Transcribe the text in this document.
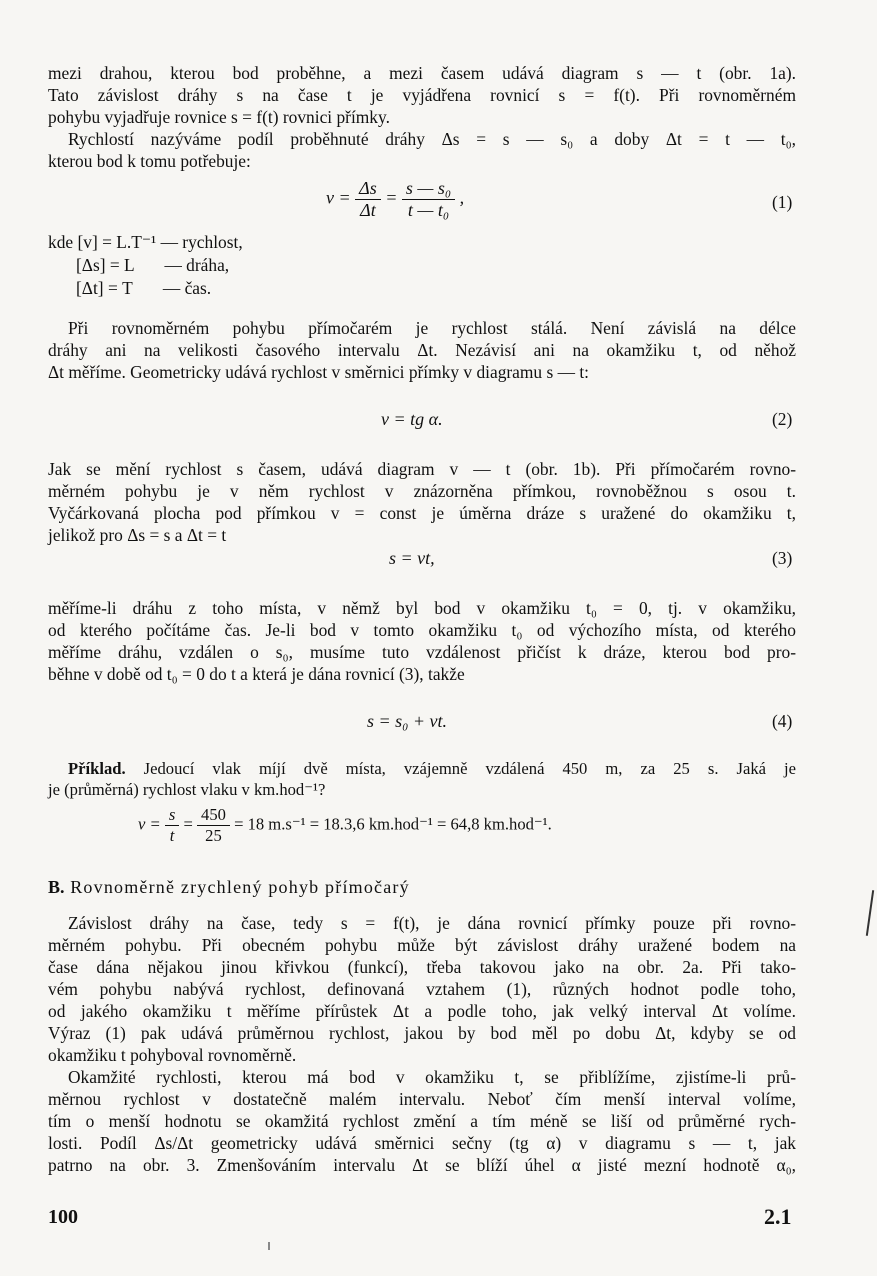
mezi drahou, kterou bod proběhne, a mezi časem udává diagram s — t (obr. 1a).
Tato závislost dráhy s na čase t je vyjádřena rovnicí s = f(t). Při rovnoměrném
pohybu vyjadřuje rovnice s = f(t) rovnici přímky.
Rychlostí nazýváme podíl proběhnuté dráhy Δs = s — s₀ a doby Δt = t — t₀,
kterou bod k tomu potřebuje:
$v = \frac{\Delta s}{\Delta t} = \frac{\text{s — s₀}}{\text{t — t₀}}$ ,	(1)
kde [v] = L.T⁻¹ — rychlost,
[Δs] = L       — dráha,
[Δt] = T       — čas.
Při rovnoměrném pohybu přímočarém je rychlost stálá. Není závislá na délce
dráhy ani na velikosti časového intervalu Δt. Nezávisí ani na okamžiku t, od něhož
Δt měříme. Geometricky udává rychlost v směrnici přímky v diagramu s — t:
v = tg α.	(2)
Jak se mění rychlost s časem, udává diagram v — t (obr. 1b). Při přímočarém rovno-
měrném pohybu je v něm rychlost v znázorněna přímkou, rovnoběžnou s osou t.
Vyčárkovaná plocha pod přímkou v = const je úměrna dráze s uražené do okamžiku t,
jelikož pro Δs = s a Δt = t
s = vt,	(3)
měříme-li dráhu z toho místa, v němž byl bod v okamžiku t₀ = 0, tj. v okamžiku,
od kterého počítáme čas. Je-li bod v tomto okamžiku t₀ od výchozího místa, od kterého
měříme dráhu, vzdálen o s₀, musíme tuto vzdálenost přičíst k dráze, kterou bod pro-
běhne v době od t₀ = 0 do t a která je dána rovnicí (3), takže
s = s₀ + vt.	(4)
Příklad. Jedoucí vlak míjí dvě místa, vzájemně vzdálená 450 m, za 25 s. Jaká je
je (průměrná) rychlost vlaku v km.hod⁻¹?
$v = \frac{s}{t} = \frac{450}{25} = 18$ m.s⁻¹ = 18.3,6 km.hod⁻¹ = 64,8 km.hod⁻¹.
B. Rovnoměrně zrychlený pohyb přímočarý
Závislost dráhy na čase, tedy s = f(t), je dána rovnicí přímky pouze při rovno-
měrném pohybu. Při obecném pohybu může být závislost dráhy uražené bodem na
čase dána nějakou jinou křivkou (funkcí), třeba takovou jako na obr. 2a. Při tako-
vém pohybu nabývá rychlost, definovaná vztahem (1), různých hodnot podle toho,
od jakého okamžiku t měříme přírůstek Δt a podle toho, jak velký interval Δt volíme.
Výraz (1) pak udává průměrnou rychlost, jakou by bod měl po dobu Δt, kdyby se od
okamžiku t pohyboval rovnoměrně.
Okamžité rychlosti, kterou má bod v okamžiku t, se přiblížíme, zjistíme-li prů-
měrnou rychlost v dostatečně malém intervalu. Neboť čím menší interval volíme,
tím o menší hodnotu se okamžitá rychlost změní a tím méně se liší od průměrné rych-
losti. Podíl Δs/Δt geometricky udává směrnici sečny (tg α) v diagramu s — t, jak
patrno na obr. 3. Zmenšováním intervalu Δt se blíží úhel α jisté mezní hodnotě α₀,
100	2.1
